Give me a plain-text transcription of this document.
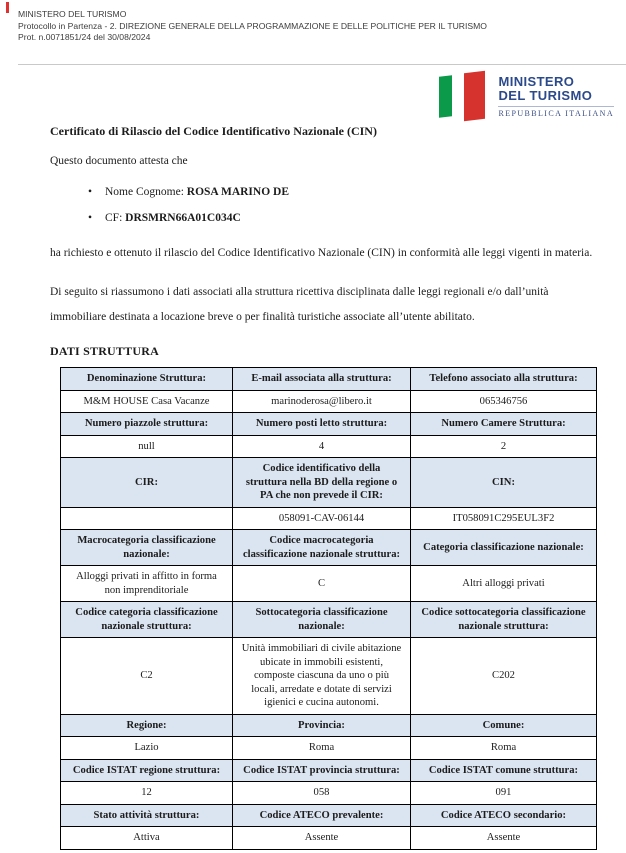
MINISTERO DEL TURISMO
Protocollo in Partenza - 2. DIREZIONE GENERALE DELLA PROGRAMMAZIONE E DELLE POLITICHE PER IL TURISMO
Prot. n.0071851/24 del 30/08/2024
MINISTERO
DEL TURISMO
REPUBBLICA ITALIANA
Certificato di Rilascio del Codice Identificativo Nazionale (CIN)
Questo documento attesta che
• Nome Cognome: ROSA MARINO DE
• CF: DRSMRN66A01C034C
ha richiesto e ottenuto il rilascio del Codice Identificativo Nazionale (CIN) in conformità alle leggi vigenti in materia.
Di seguito si riassumono i dati associati alla struttura ricettiva disciplinata dalle leggi regionali e/o dall’unità immobiliare destinata a locazione breve o per finalità turistiche associate all’utente abilitato.
DATI STRUTTURA
Denominazione Struttura:	E-mail associata alla struttura:	Telefono associato alla struttura:
M&M HOUSE Casa Vacanze	marinoderosa@libero.it	065346756
Numero piazzole struttura:	Numero posti letto struttura:	Numero Camere Struttura:
null	4	2
CIR:	Codice identificativo della struttura nella BD della regione o PA che non prevede il CIR:	CIN:
	058091-CAV-06144	IT058091C295EUL3F2
Macrocategoria classificazione nazionale:	Codice macrocategoria classificazione nazionale struttura:	Categoria classificazione nazionale:
Alloggi privati in affitto in forma non imprenditoriale	C	Altri alloggi privati
Codice categoria classificazione nazionale struttura:	Sottocategoria classificazione nazionale:	Codice sottocategoria classificazione nazionale struttura:
C2	Unità immobiliari di civile abitazione ubicate in immobili esistenti, composte ciascuna da uno o più locali, arredate e dotate di servizi igienici e cucina autonomi.	C202
Regione:	Provincia:	Comune:
Lazio	Roma	Roma
Codice ISTAT regione struttura:	Codice ISTAT provincia struttura:	Codice ISTAT comune struttura:
12	058	091
Stato attività struttura:	Codice ATECO prevalente:	Codice ATECO secondario:
Attiva	Assente	Assente
